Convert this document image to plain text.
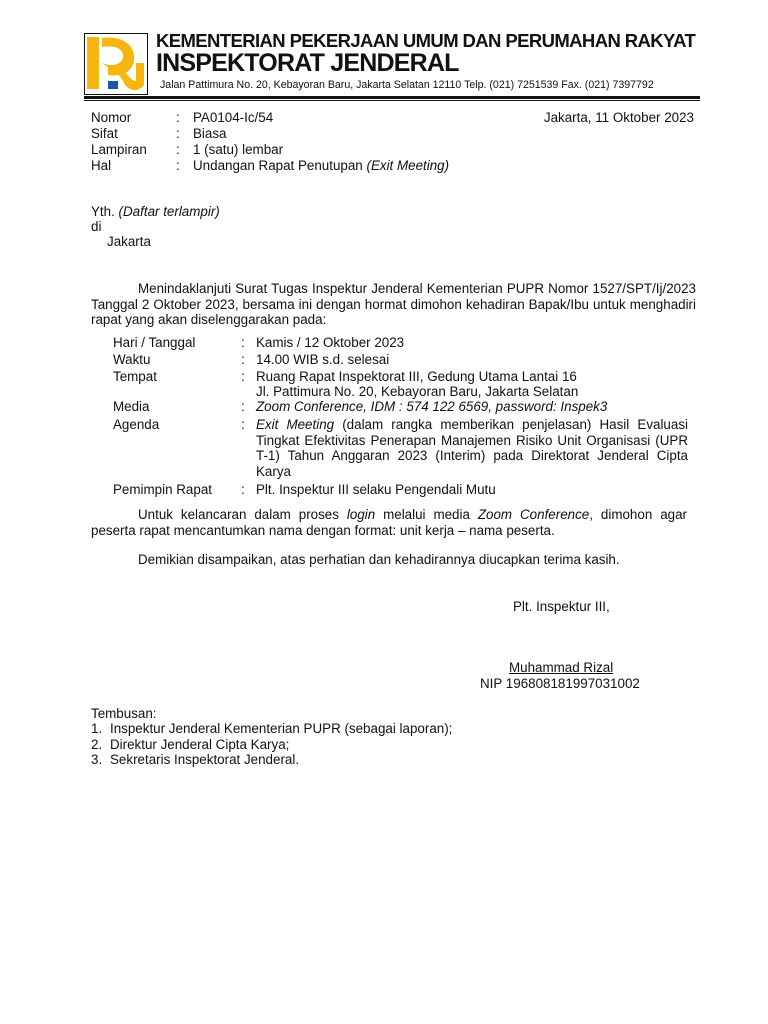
KEMENTERIAN PEKERJAAN UMUM DAN PERUMAHAN RAKYAT
INSPEKTORAT JENDERAL
Jalan Pattimura No. 20, Kebayoran Baru, Jakarta Selatan 12110 Telp. (021) 7251539 Fax. (021) 7397792
Nomor	: PA0104-Ic/54
Sifat	: Biasa
Lampiran : 1 (satu) lembar
Hal	: Undangan Rapat Penutupan (Exit Meeting)
Jakarta, 11 Oktober 2023
Yth. (Daftar terlampir)
di
Jakarta
Menindaklanjuti Surat Tugas Inspektur Jenderal Kementerian PUPR Nomor 1527/SPT/Ij/2023 Tanggal 2 Oktober 2023, bersama ini dengan hormat dimohon kehadiran Bapak/Ibu untuk menghadiri rapat yang akan diselenggarakan pada:
Hari / Tanggal	: Kamis / 12 Oktober 2023
Waktu	: 14.00 WIB s.d. selesai
Tempat	: Ruang Rapat Inspektorat III, Gedung Utama Lantai 16
Jl. Pattimura No. 20, Kebayoran Baru, Jakarta Selatan
Media	: Zoom Conference, IDM : 574 122 6569, password: Inspek3
Agenda	: Exit Meeting (dalam rangka memberikan penjelasan) Hasil Evaluasi Tingkat Efektivitas Penerapan Manajemen Risiko Unit Organisasi (UPR T-1) Tahun Anggaran 2023 (Interim) pada Direktorat Jenderal Cipta Karya
Pemimpin Rapat : Plt. Inspektur III selaku Pengendali Mutu
Untuk kelancaran dalam proses login melalui media Zoom Conference, dimohon agar peserta rapat mencantumkan nama dengan format: unit kerja – nama peserta.
Demikian disampaikan, atas perhatian dan kehadirannya diucapkan terima kasih.
Plt. Inspektur III,
Muhammad Rizal
NIP 196808181997031002
Tembusan:
1. Inspektur Jenderal Kementerian PUPR (sebagai laporan);
2. Direktur Jenderal Cipta Karya;
3. Sekretaris Inspektorat Jenderal.
